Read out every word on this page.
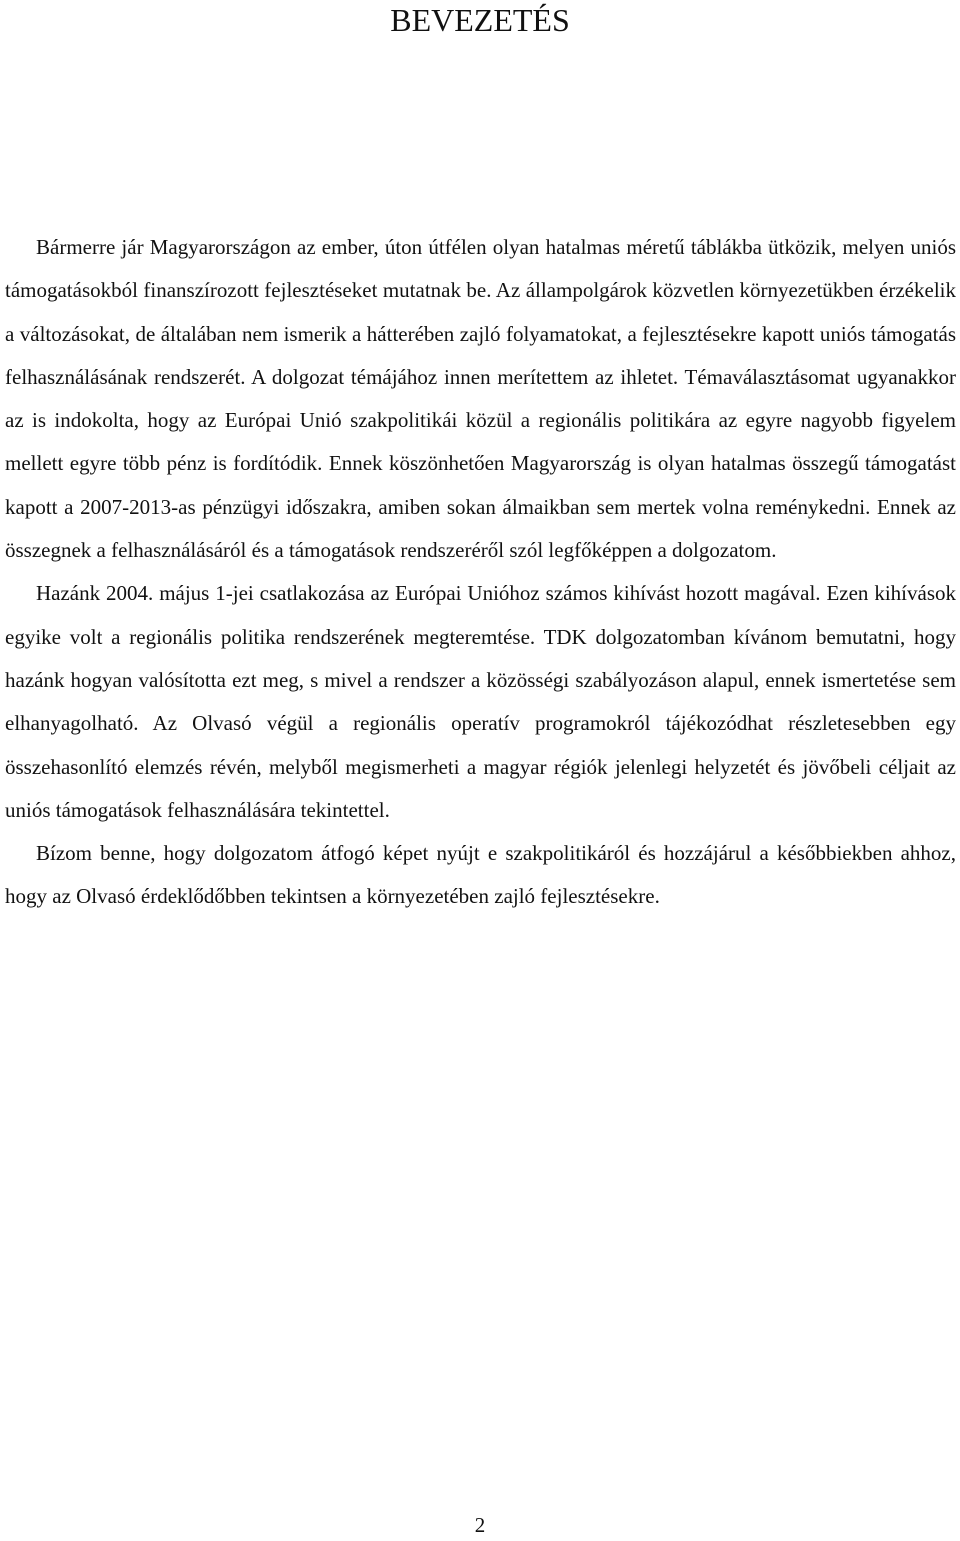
BEVEZETÉS

Bármerre jár Magyarországon az ember, úton útfélen olyan hatalmas méretű táblákba ütközik, melyen uniós támogatásokból finanszírozott fejlesztéseket mutatnak be. Az állampolgárok közvetlen környezetükben érzékelik a változásokat, de általában nem ismerik a hátterében zajló folyamatokat, a fejlesztésekre kapott uniós támogatás felhasználásának rendszerét. A dolgozat témájához innen merítettem az ihletet. Témaválasztásomat ugyanakkor az is indokolta, hogy az Európai Unió szakpolitikái közül a regionális politikára az egyre nagyobb figyelem mellett egyre több pénz is fordítódik. Ennek köszönhetően Magyarország is olyan hatalmas összegű támogatást kapott a 2007-2013-as pénzügyi időszakra, amiben sokan álmaikban sem mertek volna reménykedni. Ennek az összegnek a felhasználásáról és a támogatások rendszeréről szól legfőképpen a dolgozatom.

Hazánk 2004. május 1-jei csatlakozása az Európai Unióhoz számos kihívást hozott magával. Ezen kihívások egyike volt a regionális politika rendszerének megteremtése. TDK dolgozatomban kívánom bemutatni, hogy hazánk hogyan valósította ezt meg, s mivel a rendszer a közösségi szabályozáson alapul, ennek ismertetése sem elhanyagolható. Az Olvasó végül a regionális operatív programokról tájékozódhat részletesebben egy összehasonlító elemzés révén, melyből megismerheti a magyar régiók jelenlegi helyzetét és jövőbeli céljait az uniós támogatások felhasználására tekintettel.

Bízom benne, hogy dolgozatom átfogó képet nyújt e szakpolitikáról és hozzájárul a későbbiekben ahhoz, hogy az Olvasó érdeklődőbben tekintsen a környezetében zajló fejlesztésekre.

2
